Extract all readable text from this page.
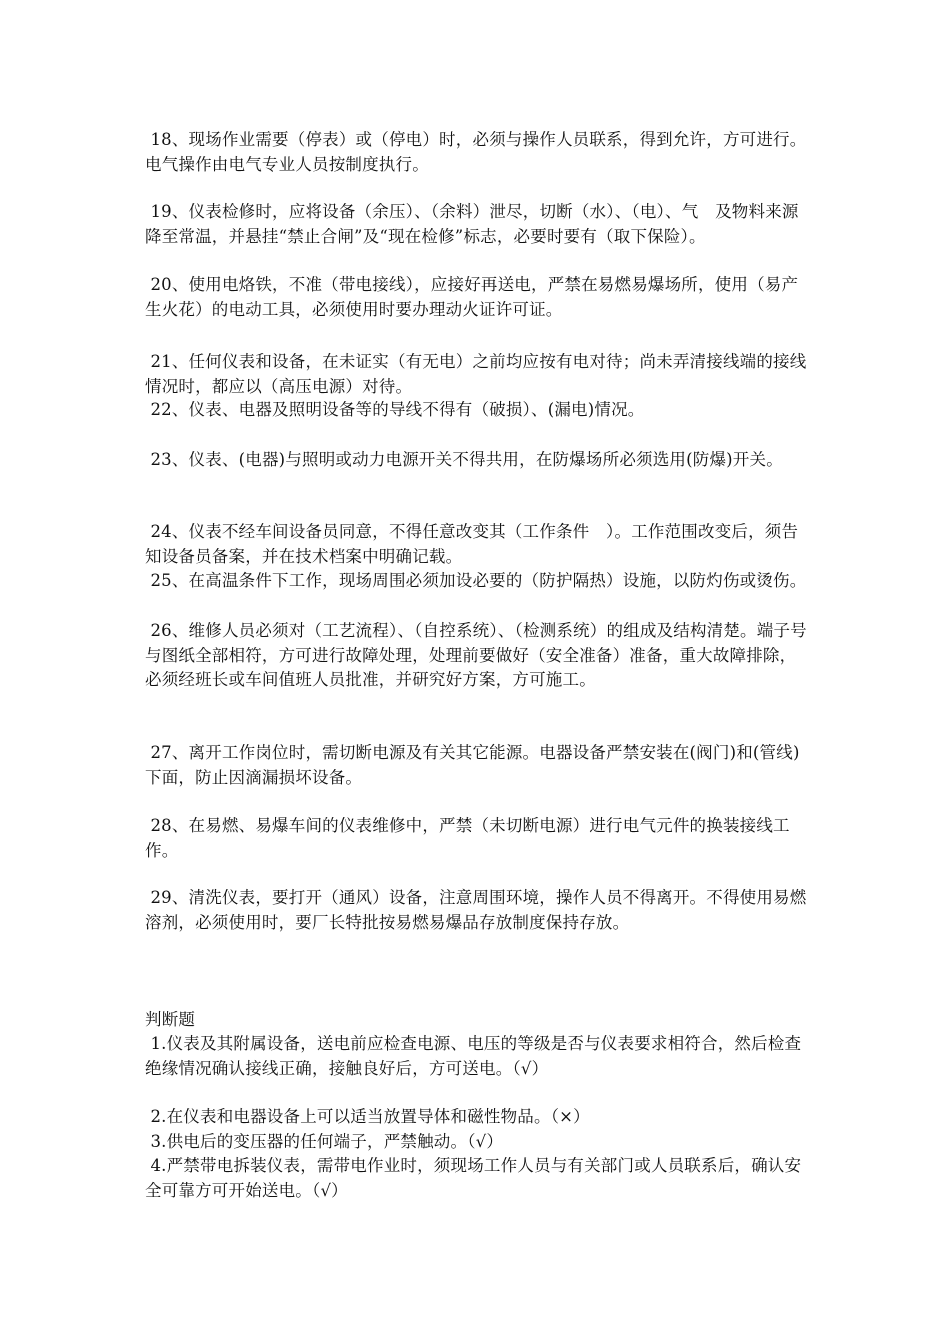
18、现场作业需要（停表）或（停电）时，必须与操作人员联系，得到允许，方可进行。电气操作由电气专业人员按制度执行。
19、仪表检修时，应将设备（余压）、（余料）泄尽，切断（水）、（电）、气　及物料来源降至常温，并悬挂“禁止合闸”及“现在检修”标志，必要时要有（取下保险）。
20、使用电烙铁，不准（带电接线），应接好再送电，严禁在易燃易爆场所，使用（易产生火花）的电动工具，必须使用时要办理动火证许可证。
21、任何仪表和设备，在未证实（有无电）之前均应按有电对待；尚未弄清接线端的接线情况时，都应以（高压电源）对待。
22、仪表、电器及照明设备等的导线不得有（破损）、(漏电)情况。
23、仪表、(电器)与照明或动力电源开关不得共用，在防爆场所必须选用(防爆)开关。
24、仪表不经车间设备员同意，不得任意改变其（工作条件　）。工作范围改变后，须告知设备员备案，并在技术档案中明确记载。
25、在高温条件下工作，现场周围必须加设必要的（防护隔热）设施，以防灼伤或烫伤。
26、维修人员必须对（工艺流程）、（自控系统）、（检测系统）的组成及结构清楚。端子号与图纸全部相符，方可进行故障处理，处理前要做好（安全准备）准备，重大故障排除，必须经班长或车间值班人员批准，并研究好方案，方可施工。
27、离开工作岗位时，需切断电源及有关其它能源。电器设备严禁安装在(阀门)和(管线)下面，防止因滴漏损坏设备。
28、在易燃、易爆车间的仪表维修中，严禁（未切断电源）进行电气元件的换装接线工作。
29、清洗仪表，要打开（通风）设备，注意周围环境，操作人员不得离开。不得使用易燃溶剂，必须使用时，要厂长特批按易燃易爆品存放制度保持存放。
判断题
1.仪表及其附属设备，送电前应检查电源、电压的等级是否与仪表要求相符合，然后检查绝缘情况确认接线正确，接触良好后，方可送电。（√）
2.在仪表和电器设备上可以适当放置导体和磁性物品。（×）
3.供电后的变压器的任何端子，严禁触动。（√）
4.严禁带电拆装仪表，需带电作业时，须现场工作人员与有关部门或人员联系后，确认安全可靠方可开始送电。（√）
